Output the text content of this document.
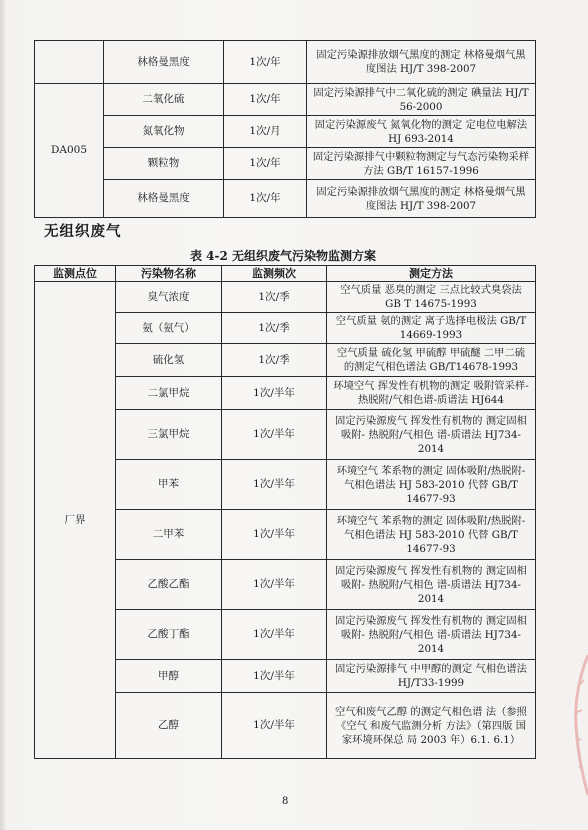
	林格曼黑度	1次/年	固定污染源排放烟气黑度的测定 林格曼烟气黑度图法 HJ/T 398-2007
DA005	二氧化硫	1次/年	固定污染源排气中二氧化硫的测定 碘量法 HJ/T 56-2000
	氮氧化物	1次/月	固定污染源废气 氮氧化物的测定 定电位电解法 HJ 693-2014
	颗粒物	1次/年	固定污染源排气中颗粒物测定与气态污染物采样方法 GB/T 16157-1996
	林格曼黑度	1次/年	固定污染源排放烟气黑度的测定 林格曼烟气黑度图法 HJ/T 398-2007
无组织废气
表 4-2 无组织废气污染物监测方案
监测点位	污染物名称	监测频次	测定方法
厂界	臭气浓度	1次/季	空气质量 恶臭的测定 三点比较式臭袋法 GB T 14675-1993
	氨（氨气）	1次/季	空气质量 氨的测定 离子选择电极法 GB/T 14669-1993
	硫化氢	1次/季	空气质量 硫化氢 甲硫醇 甲硫醚 二甲二硫的测定气相色谱法 GB/T14678-1993
	二氯甲烷	1次/半年	环境空气 挥发性有机物的测定 吸附管采样-热脱附/气相色谱-质谱法 HJ644
	三氯甲烷	1次/半年	固定污染源废气 挥发性有机物的 测定固相吸附- 热脱附/气相色 谱-质谱法 HJ734-2014
	甲苯	1次/半年	环境空气 苯系物的测定 固体吸附/热脱附-气相色谱法 HJ 583-2010 代替 GB/T 14677-93
	二甲苯	1次/半年	环境空气 苯系物的测定 固体吸附/热脱附-气相色谱法 HJ 583-2010 代替 GB/T 14677-93
	乙酸乙酯	1次/半年	固定污染源废气 挥发性有机物的 测定固相吸附- 热脱附/气相色 谱-质谱法 HJ734-2014
	乙酸丁酯	1次/半年	固定污染源废气 挥发性有机物的 测定固相吸附- 热脱附/气相色 谱-质谱法 HJ734-2014
	甲醇	1次/半年	固定污染源排气 中甲醇的测定 气相色谱法 HJ/T33-1999
	乙醇	1次/半年	空气和废气乙醇 的测定气相色谱 法（参照《空气 和废气监测分析 方法》（第四版 国家环境环保总 局 2003 年）6.1. 6.1）
8
